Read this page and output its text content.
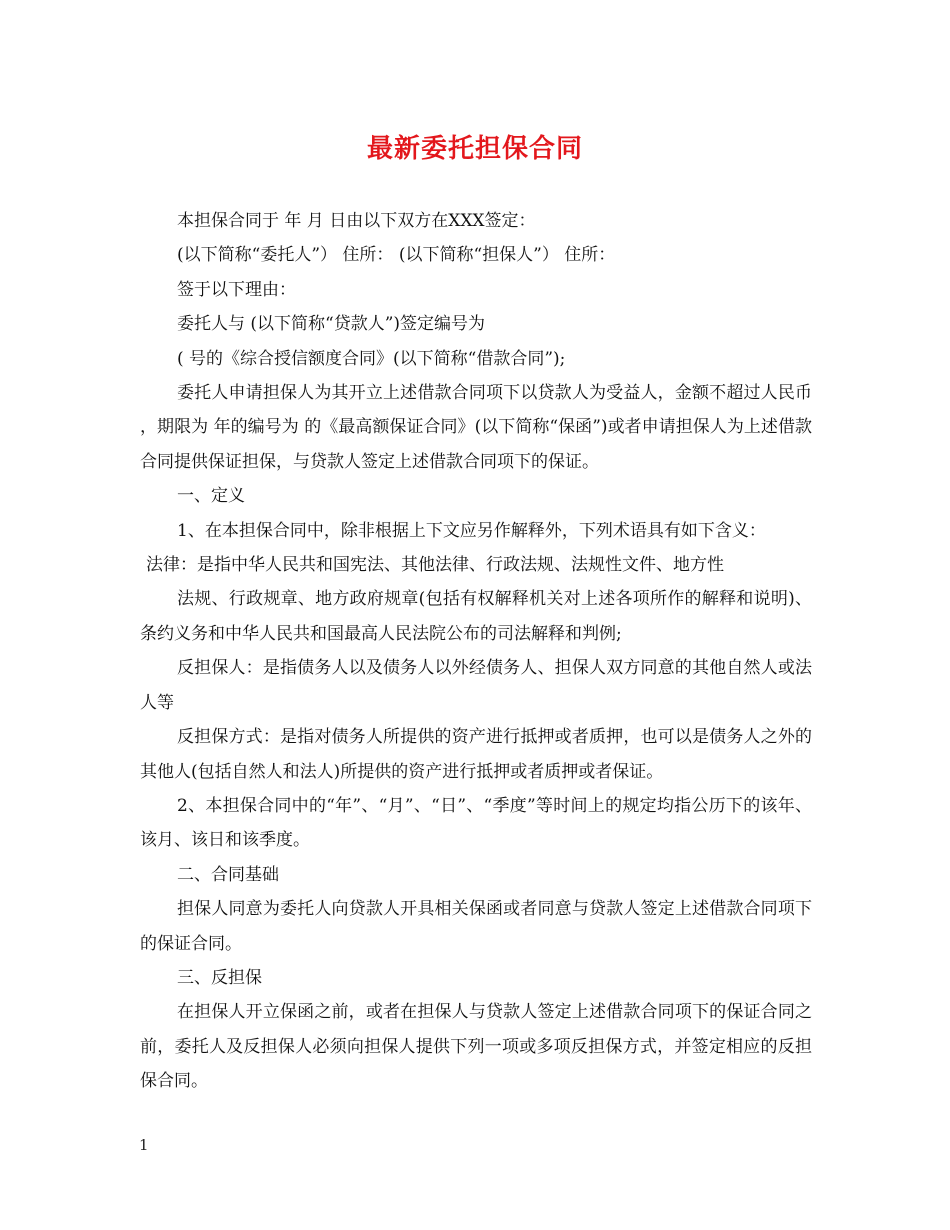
最新委托担保合同

本担保合同于 年 月 日由以下双方在XXX签定：

(以下简称“委托人”） 住所： (以下简称“担保人”） 住所：

签于以下理由：

委托人与 (以下简称“贷款人”)签定编号为

( 号的《综合授信额度合同》(以下简称“借款合同”);

委托人申请担保人为其开立上述借款合同项下以贷款人为受益人，金额不超过人民币 ，期限为 年的编号为 的《最高额保证合同》(以下简称“保函”)或者申请担保人为上述借款合同提供保证担保，与贷款人签定上述借款合同项下的保证。

一、定义

1、在本担保合同中，除非根据上下文应另作解释外，下列术语具有如下含义：

法律：是指中华人民共和国宪法、其他法律、行政法规、法规性文件、地方性

法规、行政规章、地方政府规章(包括有权解释机关对上述各项所作的解释和说明)、条约义务和中华人民共和国最高人民法院公布的司法解释和判例;

反担保人：是指债务人以及债务人以外经债务人、担保人双方同意的其他自然人或法人等

反担保方式：是指对债务人所提供的资产进行抵押或者质押，也可以是债务人之外的其他人(包括自然人和法人)所提供的资产进行抵押或者质押或者保证。

2、本担保合同中的“年”、“月”、“日”、“季度”等时间上的规定均指公历下的该年、该月、该日和该季度。

二、合同基础

担保人同意为委托人向贷款人开具相关保函或者同意与贷款人签定上述借款合同项下的保证合同。

三、反担保

在担保人开立保函之前，或者在担保人与贷款人签定上述借款合同项下的保证合同之前，委托人及反担保人必须向担保人提供下列一项或多项反担保方式，并签定相应的反担保合同。

1
